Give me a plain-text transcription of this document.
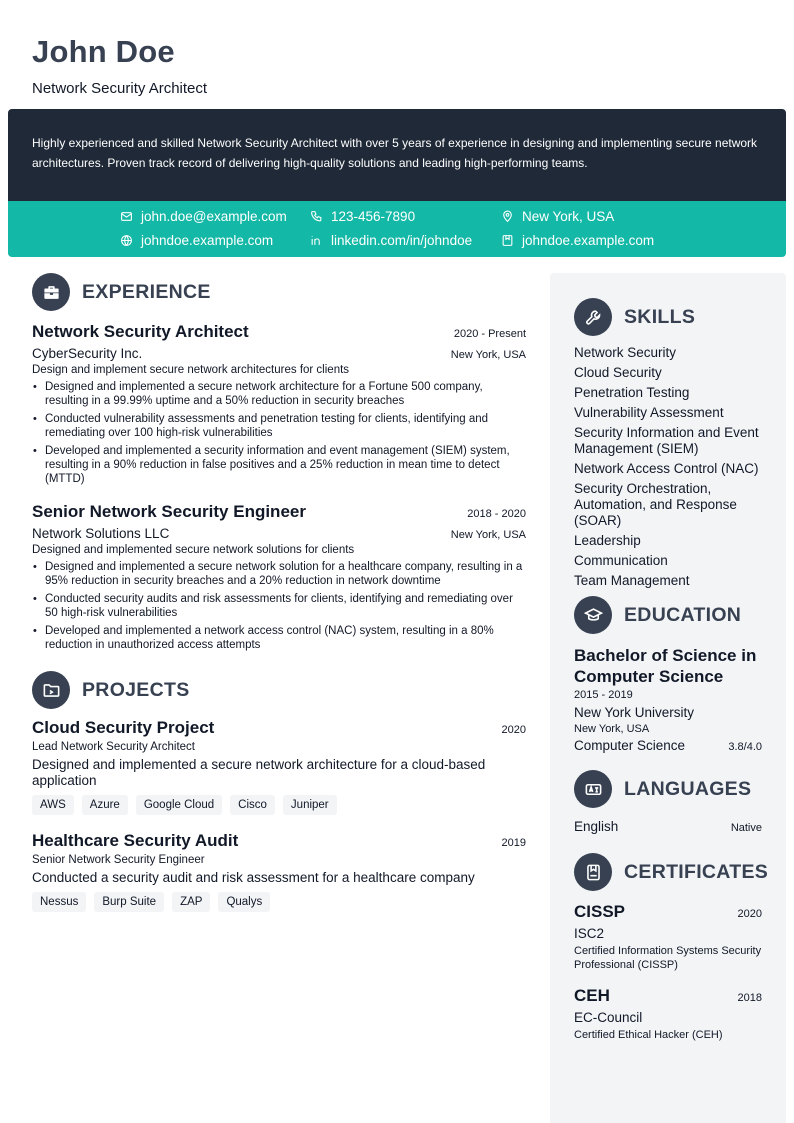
John Doe
Network Security Architect
Highly experienced and skilled Network Security Architect with over 5 years of experience in designing and implementing secure network architectures. Proven track record of delivering high-quality solutions and leading high-performing teams.
john.doe@example.com	123-456-7890	New York, USA
johndoe.example.com	linkedin.com/in/johndoe	johndoe.example.com
EXPERIENCE
Network Security Architect	2020 - Present
CyberSecurity Inc.	New York, USA
Design and implement secure network architectures for clients
• Designed and implemented a secure network architecture for a Fortune 500 company, resulting in a 99.99% uptime and a 50% reduction in security breaches
• Conducted vulnerability assessments and penetration testing for clients, identifying and remediating over 100 high-risk vulnerabilities
• Developed and implemented a security information and event management (SIEM) system, resulting in a 90% reduction in false positives and a 25% reduction in mean time to detect (MTTD)
Senior Network Security Engineer	2018 - 2020
Network Solutions LLC	New York, USA
Designed and implemented secure network solutions for clients
• Designed and implemented a secure network solution for a healthcare company, resulting in a 95% reduction in security breaches and a 20% reduction in network downtime
• Conducted security audits and risk assessments for clients, identifying and remediating over 50 high-risk vulnerabilities
• Developed and implemented a network access control (NAC) system, resulting in a 80% reduction in unauthorized access attempts
PROJECTS
Cloud Security Project	2020
Lead Network Security Architect
Designed and implemented a secure network architecture for a cloud-based application
AWS	Azure	Google Cloud	Cisco	Juniper
Healthcare Security Audit	2019
Senior Network Security Engineer
Conducted a security audit and risk assessment for a healthcare company
Nessus	Burp Suite	ZAP	Qualys
SKILLS
Network Security
Cloud Security
Penetration Testing
Vulnerability Assessment
Security Information and Event Management (SIEM)
Network Access Control (NAC)
Security Orchestration, Automation, and Response (SOAR)
Leadership
Communication
Team Management
EDUCATION
Bachelor of Science in Computer Science
2015 - 2019
New York University
New York, USA
Computer Science	3.8/4.0
LANGUAGES
English	Native
CERTIFICATES
CISSP	2020
ISC2
Certified Information Systems Security Professional (CISSP)
CEH	2018
EC-Council
Certified Ethical Hacker (CEH)
